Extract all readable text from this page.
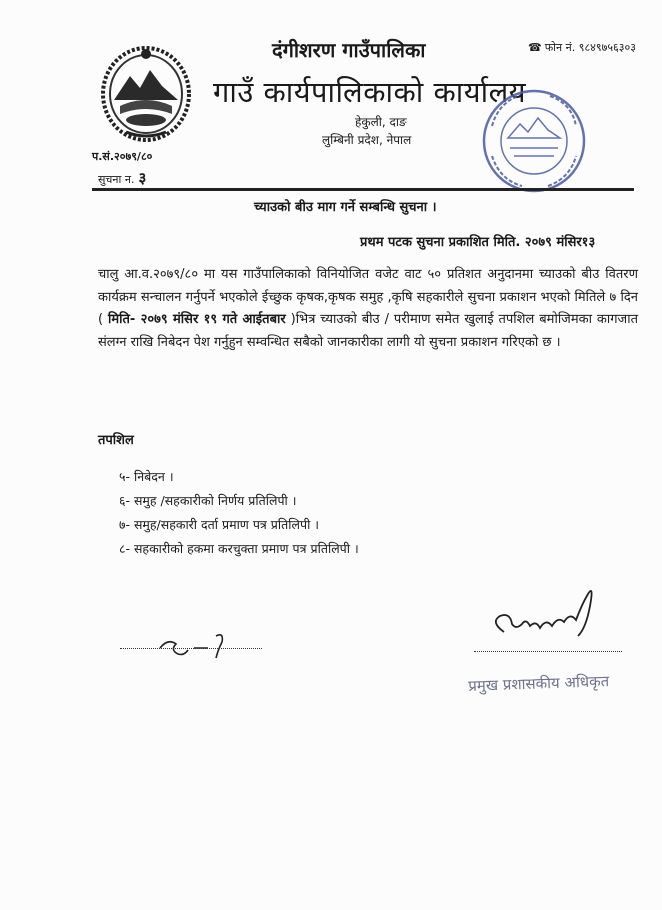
☎ फोन नं. ९८४९७५६३०३
दंगीशरण गाउँपालिका
गाउँ कार्यपालिकाको कार्यालय
हेकुली, दाङ
लुम्बिनी प्रदेश, नेपाल
प.सं.२०७९/८०
सुचना न. ३
च्याउको बीउ माग गर्ने सम्बन्धि सुचना ।
प्रथम पटक सुचना प्रकाशित मिति. २०७९ मंसिर१३
चालु आ.व.२०७९/८० मा यस गाउँपालिकाको विनियोजित वजेट वाट ५० प्रतिशत अनुदानमा च्याउको बीउ वितरण कार्यक्रम सन्चालन गर्नुपर्ने भएकोले ईच्छुक कृषक,कृषक समुह ,कृषि सहकारीले सुचना प्रकाशन भएको मितिले ७ दिन ( मिति- २०७९ मंसिर १९ गते आईतबार )भित्र च्याउको बीउ / परीमाण समेत खुलाई तपशिल बमोजिमका कागजात संलग्न राखि निबेदन पेश गर्नुहुन सम्वन्धित सबैको जानकारीका लागी यो सुचना प्रकाशन गरिएको छ ।
तपशिल
५- निबेदन ।
६- समुह /सहकारीको निर्णय प्रतिलिपी ।
७- समुह/सहकारी दर्ता प्रमाण पत्र प्रतिलिपी ।
८- सहकारीको हकमा करचुक्ता प्रमाण पत्र प्रतिलिपी ।
प्रमुख प्रशासकीय अधिकृत
